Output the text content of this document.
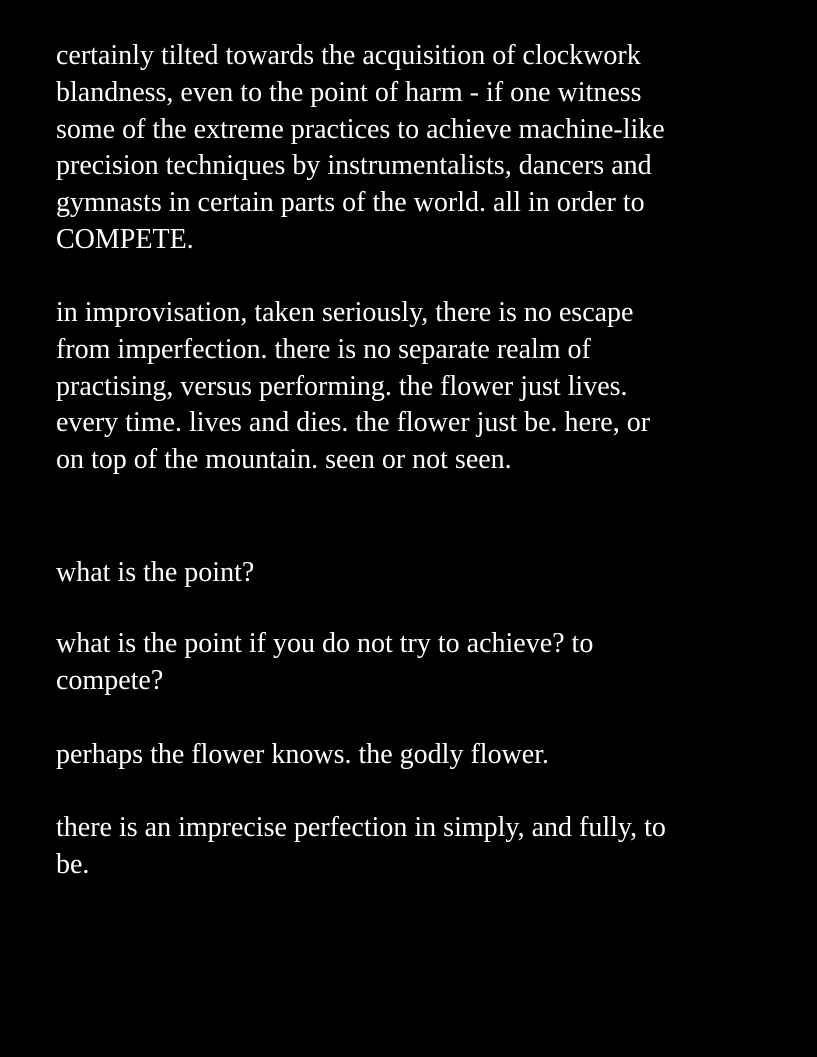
certainly tilted towards the acquisition of clockwork
blandness, even to the point of harm - if one witness
some of the extreme practices to achieve machine-like
precision techniques by instrumentalists, dancers and
gymnasts in certain parts of the world. all in order to
COMPETE.

in improvisation, taken seriously, there is no escape
from imperfection. there is no separate realm of
practising, versus performing. the flower just lives.
every time. lives and dies. the flower just be. here, or
on top of the mountain. seen or not seen.

what is the point?

what is the point if you do not try to achieve? to
compete?

perhaps the flower knows. the godly flower.

there is an imprecise perfection in simply, and fully, to
be.
